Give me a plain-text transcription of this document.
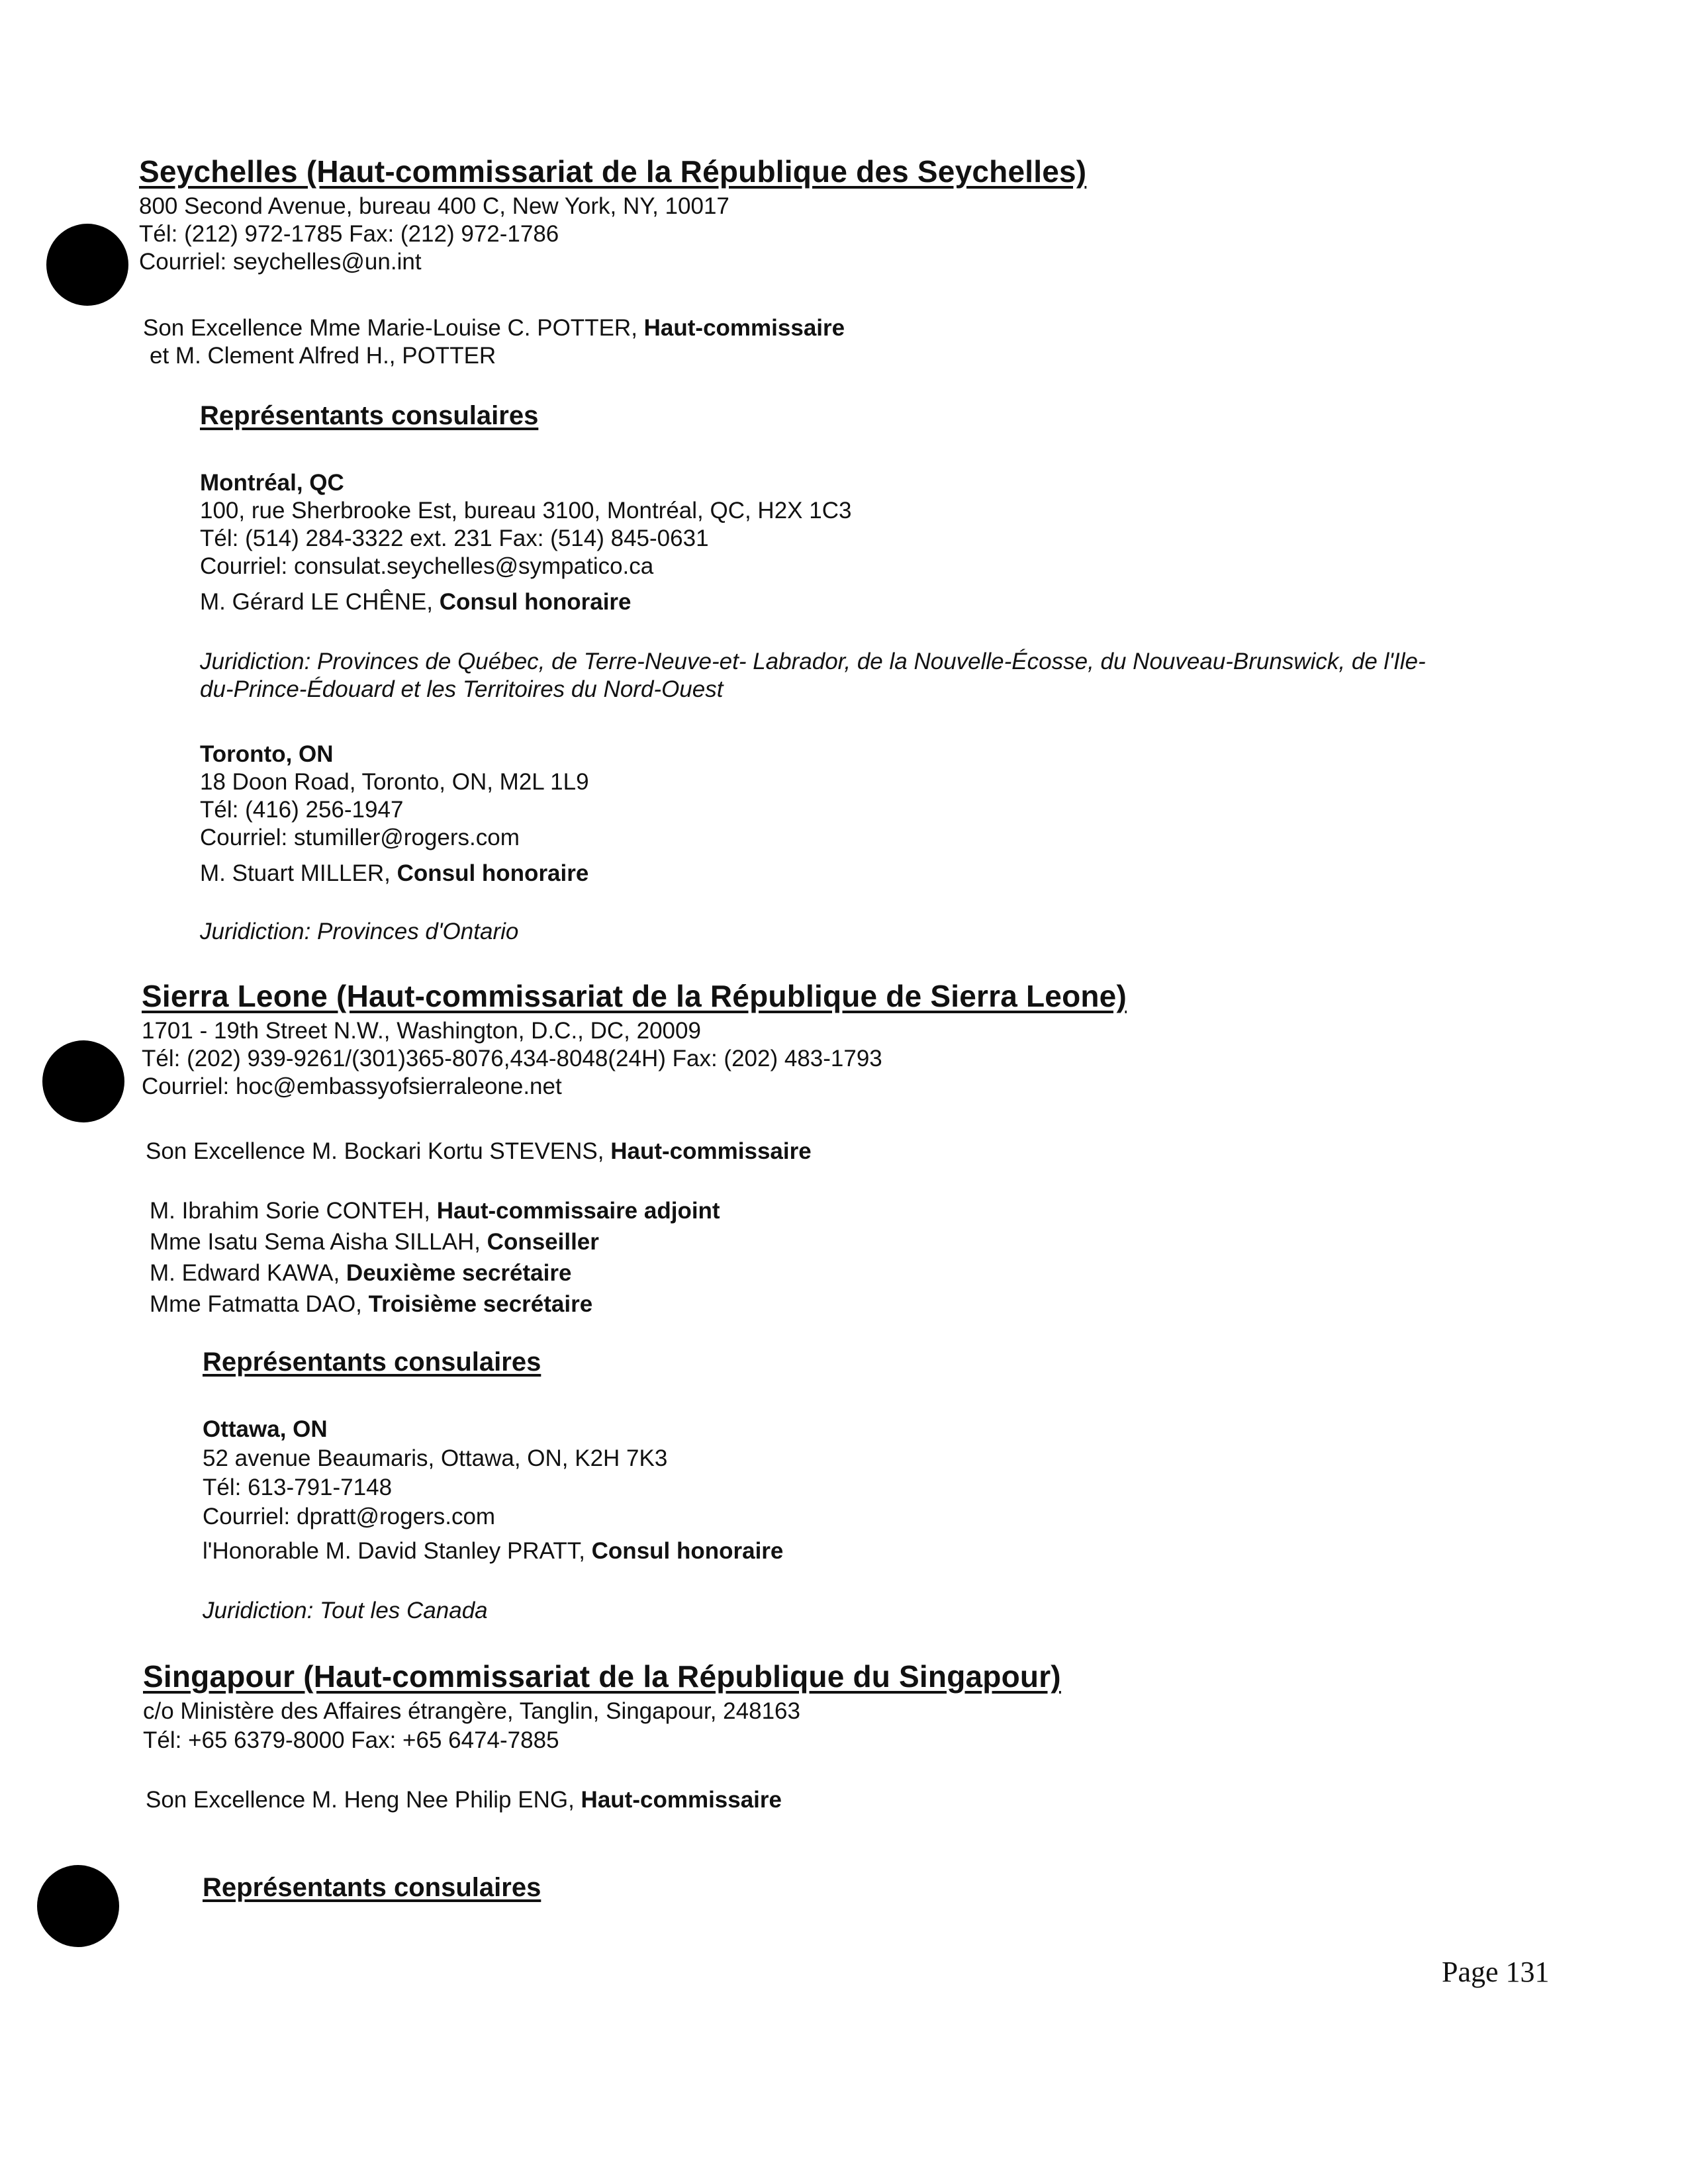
Seychelles (Haut-commissariat de la République des Seychelles)
800 Second Avenue, bureau 400 C, New York, NY, 10017
Tél: (212) 972-1785 Fax: (212) 972-1786
Courriel: seychelles@un.int
Son Excellence Mme Marie-Louise C. POTTER, Haut-commissaire
et M. Clement Alfred H., POTTER
Représentants consulaires
Montréal, QC
100, rue Sherbrooke Est, bureau 3100, Montréal, QC, H2X 1C3
Tél: (514) 284-3322 ext. 231 Fax: (514) 845-0631
Courriel: consulat.seychelles@sympatico.ca
M. Gérard LE CHÊNE, Consul honoraire
Juridiction: Provinces de Québec, de Terre-Neuve-et- Labrador, de la Nouvelle-Écosse, du Nouveau-Brunswick, de l'Ile-
du-Prince-Édouard et les Territoires du Nord-Ouest
Toronto, ON
18 Doon Road, Toronto, ON, M2L 1L9
Tél: (416) 256-1947
Courriel: stumiller@rogers.com
M. Stuart MILLER, Consul honoraire
Juridiction: Provinces d'Ontario
Sierra Leone (Haut-commissariat de la République de Sierra Leone)
1701 - 19th Street N.W., Washington, D.C., DC, 20009
Tél: (202) 939-9261/(301)365-8076,434-8048(24H) Fax: (202) 483-1793
Courriel: hoc@embassyofsierraleone.net
Son Excellence M. Bockari Kortu STEVENS, Haut-commissaire
M. Ibrahim Sorie CONTEH, Haut-commissaire adjoint
Mme Isatu Sema Aisha SILLAH, Conseiller
M. Edward KAWA, Deuxième secrétaire
Mme Fatmatta DAO, Troisième secrétaire
Représentants consulaires
Ottawa, ON
52 avenue Beaumaris, Ottawa, ON, K2H 7K3
Tél: 613-791-7148
Courriel: dpratt@rogers.com
l'Honorable M. David Stanley PRATT, Consul honoraire
Juridiction: Tout les Canada
Singapour (Haut-commissariat de la République du Singapour)
c/o Ministère des Affaires étrangère, Tanglin, Singapour, 248163
Tél: +65 6379-8000 Fax: +65 6474-7885
Son Excellence M. Heng Nee Philip ENG, Haut-commissaire
Représentants consulaires
Page 131
